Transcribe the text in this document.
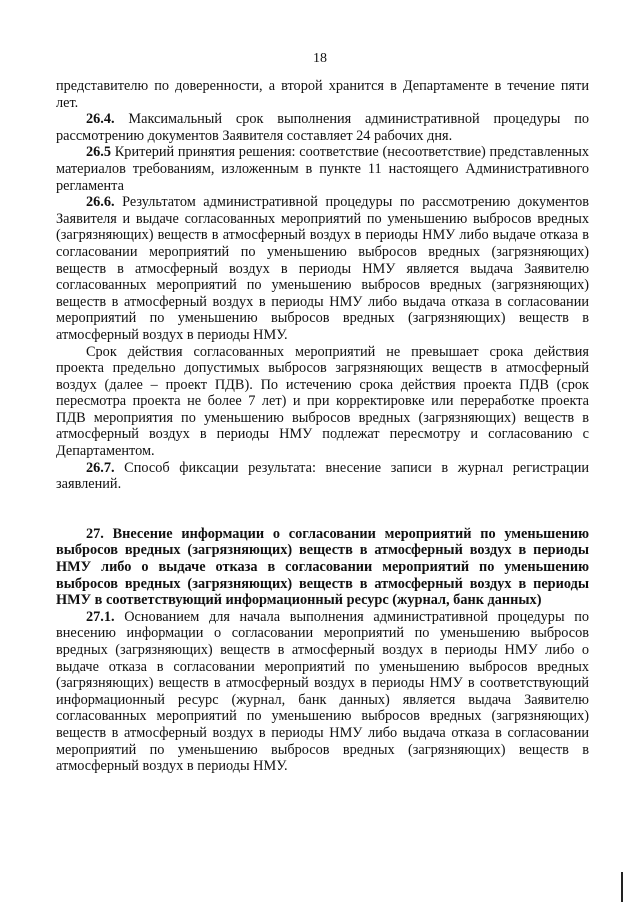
18

представителю по доверенности, а второй хранится в Департаменте в течение пяти лет.

26.4. Максимальный срок выполнения административной процедуры по рассмотрению документов Заявителя составляет 24 рабочих дня.

26.5 Критерий принятия решения: соответствие (несоответствие) представленных материалов требованиям, изложенным в пункте 11 настоящего Административного регламента

26.6. Результатом административной процедуры по рассмотрению документов Заявителя и выдаче согласованных мероприятий по уменьшению выбросов вредных (загрязняющих) веществ в атмосферный воздух в периоды НМУ либо выдаче отказа в согласовании мероприятий по уменьшению выбросов вредных (загрязняющих) веществ в атмосферный воздух в периоды НМУ является выдача Заявителю согласованных мероприятий по уменьшению выбросов вредных (загрязняющих) веществ в атмосферный воздух в периоды НМУ либо выдача отказа в согласовании мероприятий по уменьшению выбросов вредных (загрязняющих) веществ в атмосферный воздух в периоды НМУ.

Срок действия согласованных мероприятий не превышает срока действия проекта предельно допустимых выбросов загрязняющих веществ в атмосферный воздух (далее – проект ПДВ). По истечению срока действия проекта ПДВ (срок пересмотра проекта не более 7 лет) и при корректировке или переработке проекта ПДВ мероприятия по уменьшению выбросов вредных (загрязняющих) веществ в атмосферный воздух в периоды НМУ подлежат пересмотру и согласованию с Департаментом.

26.7. Способ фиксации результата: внесение записи в журнал регистрации заявлений.

27. Внесение информации о согласовании мероприятий по уменьшению выбросов вредных (загрязняющих) веществ в атмосферный воздух в периоды НМУ либо о выдаче отказа в согласовании мероприятий по уменьшению выбросов вредных (загрязняющих) веществ в атмосферный воздух в периоды НМУ в соответствующий информационный ресурс (журнал, банк данных)

27.1. Основанием для начала выполнения административной процедуры по внесению информации о согласовании мероприятий по уменьшению выбросов вредных (загрязняющих) веществ в атмосферный воздух в периоды НМУ либо о выдаче отказа в согласовании мероприятий по уменьшению выбросов вредных (загрязняющих) веществ в атмосферный воздух в периоды НМУ в соответствующий информационный ресурс (журнал, банк данных) является выдача Заявителю согласованных мероприятий по уменьшению выбросов вредных (загрязняющих) веществ в атмосферный воздух в периоды НМУ либо выдача отказа в согласовании мероприятий по уменьшению выбросов вредных (загрязняющих) веществ в атмосферный воздух в периоды НМУ.
